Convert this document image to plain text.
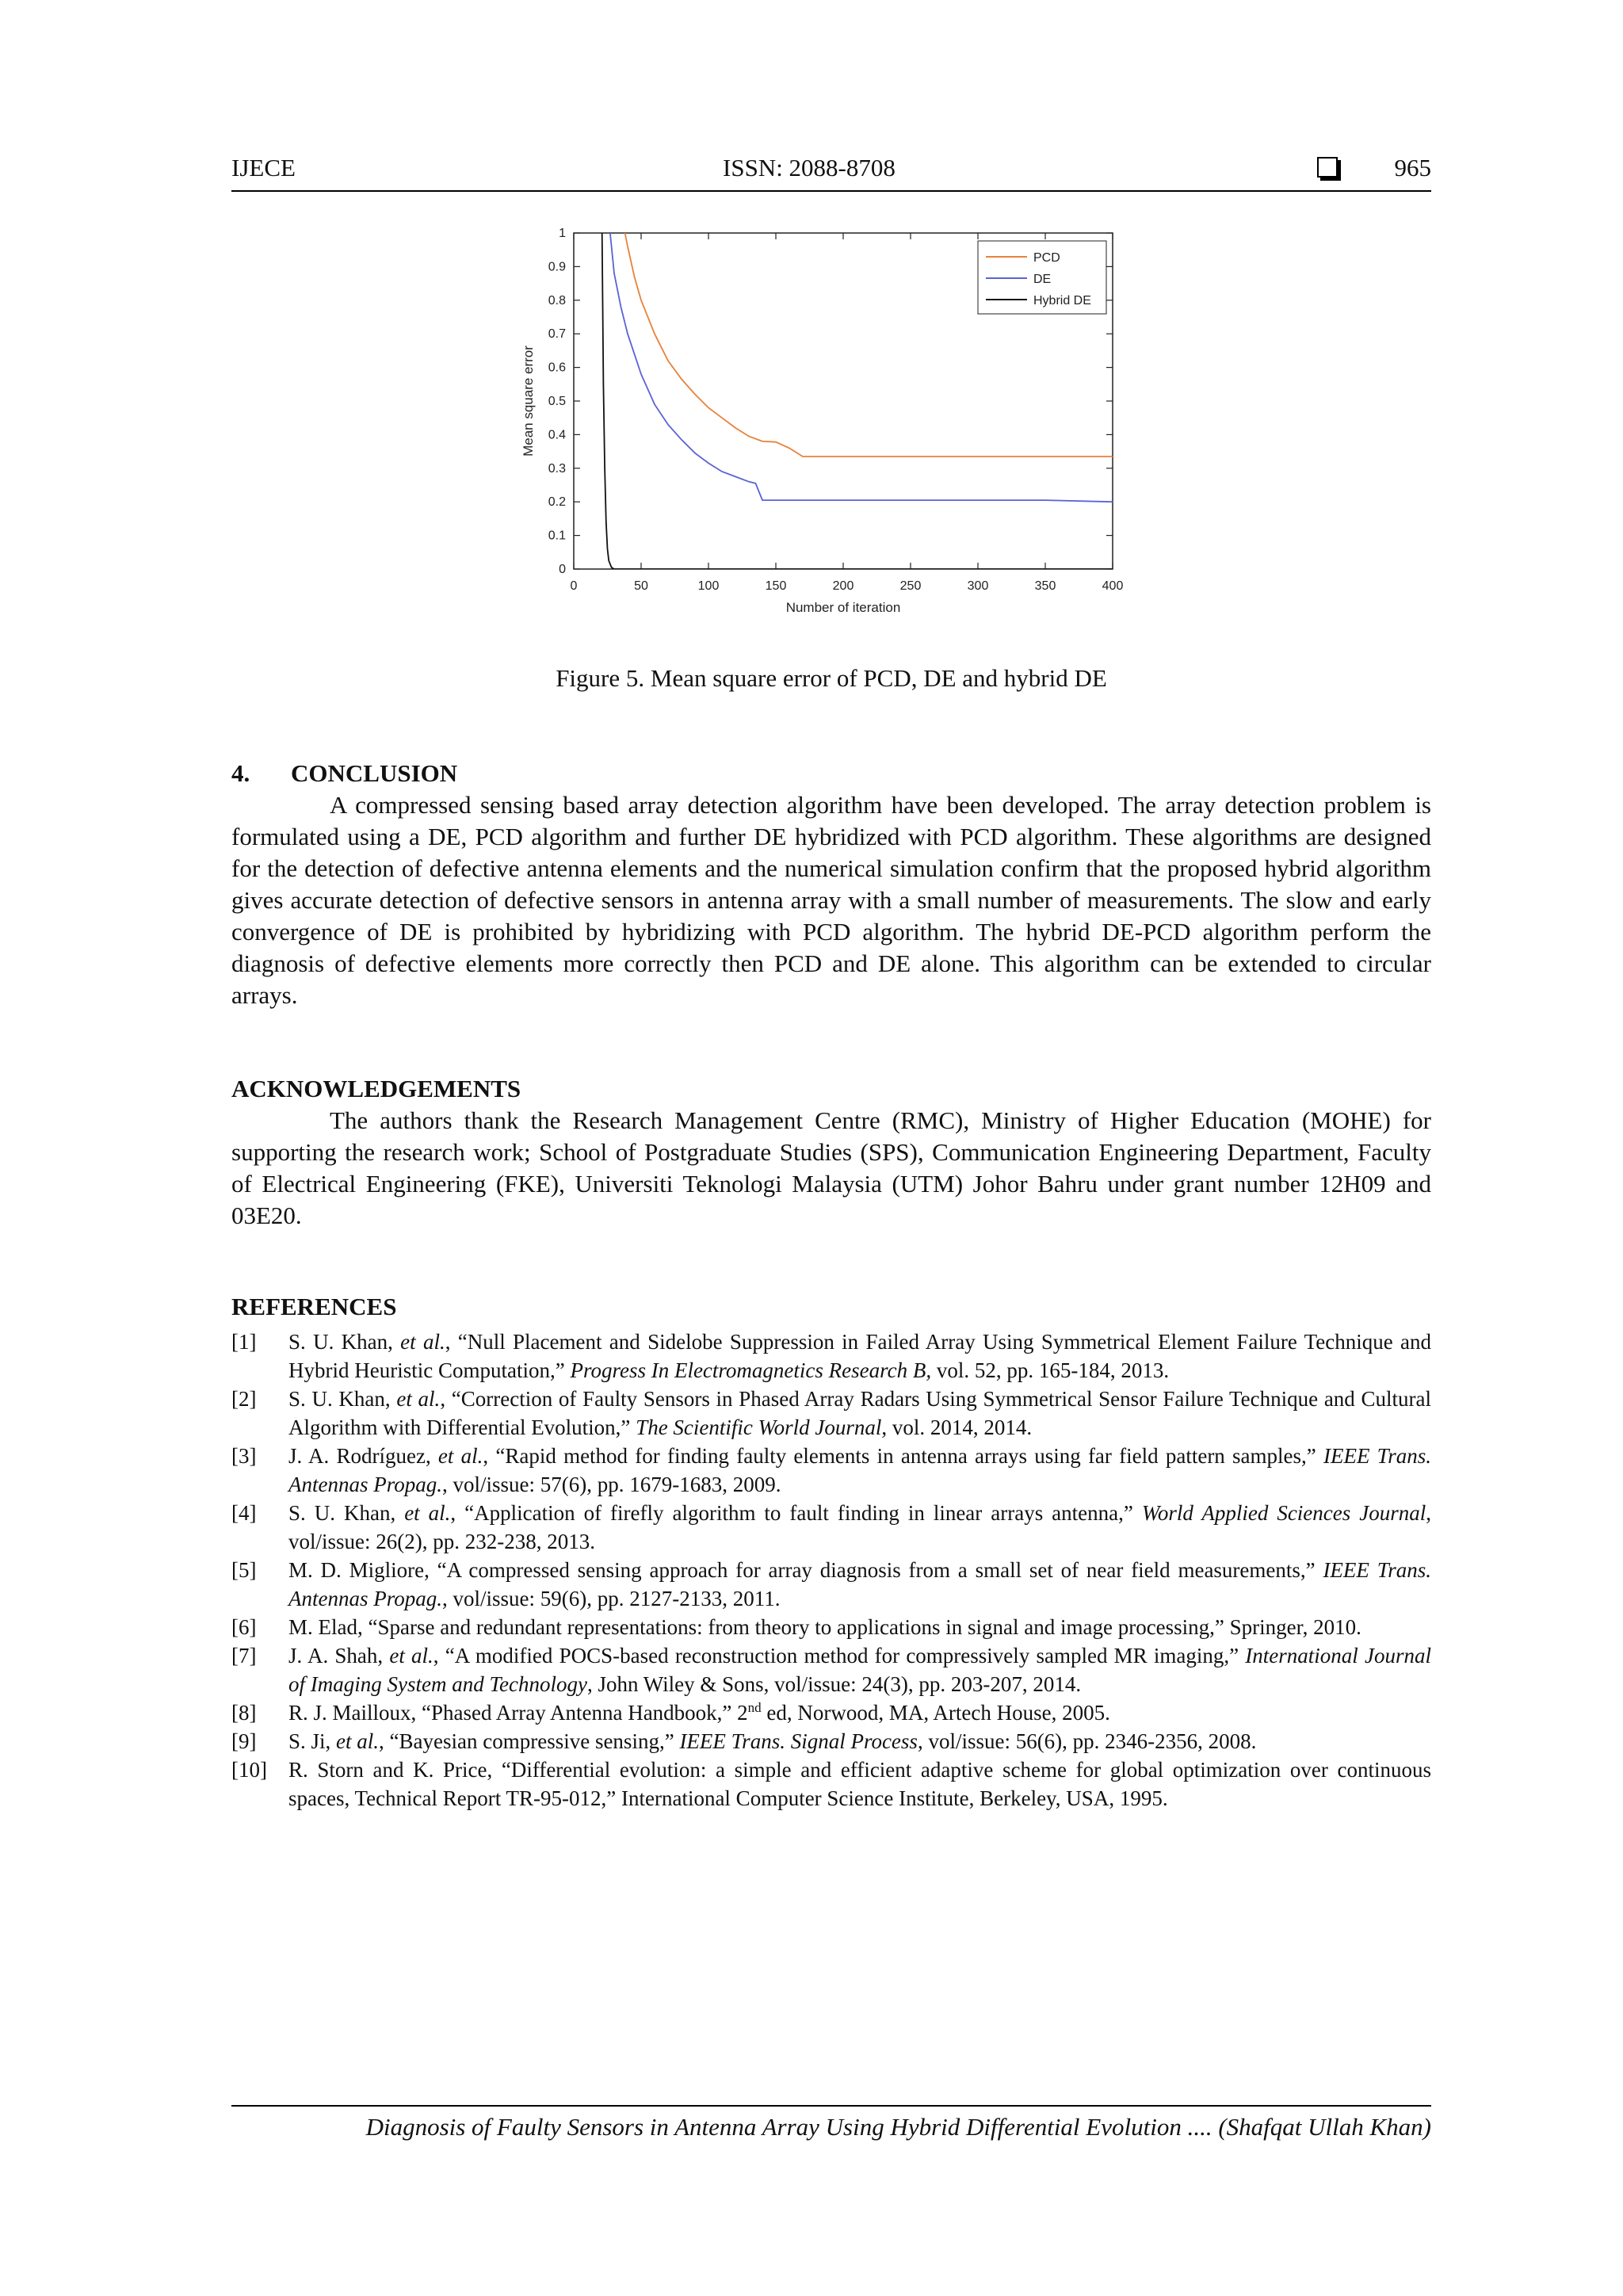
IJECE	ISSN: 2088-8708	965
0	50	100	150	200	250	300	350	400
0
0.1
0.2
0.3
0.4
0.5
0.6
0.7
0.8
0.9
1
Number of iteration
Mean square error
PCD
DE
Hybrid DE
Figure 5. Mean square error of PCD, DE and hybrid DE
4. CONCLUSION

A compressed sensing based array detection algorithm have been developed. The array detection problem is formulated using a DE, PCD algorithm and further DE hybridized with PCD algorithm. These algorithms are designed for the detection of defective antenna elements and the numerical simulation confirm that the proposed hybrid algorithm gives accurate detection of defective sensors in antenna array with a small number of measurements. The slow and early convergence of DE is prohibited by hybridizing with PCD algorithm. The hybrid DE-PCD algorithm perform the diagnosis of defective elements more correctly then PCD and DE alone. This algorithm can be extended to circular arrays.

ACKNOWLEDGEMENTS

The authors thank the Research Management Centre (RMC), Ministry of Higher Education (MOHE) for supporting the research work; School of Postgraduate Studies (SPS), Communication Engineering Department, Faculty of Electrical Engineering (FKE), Universiti Teknologi Malaysia (UTM) Johor Bahru under grant number 12H09 and 03E20.

REFERENCES
[1] S. U. Khan, et al., “Null Placement and Sidelobe Suppression in Failed Array Using Symmetrical Element Failure Technique and Hybrid Heuristic Computation,” Progress In Electromagnetics Research B, vol. 52, pp. 165-184, 2013.
[2] S. U. Khan, et al., “Correction of Faulty Sensors in Phased Array Radars Using Symmetrical Sensor Failure Technique and Cultural Algorithm with Differential Evolution,” The Scientific World Journal, vol. 2014, 2014.
[3] J. A. Rodríguez, et al., “Rapid method for finding faulty elements in antenna arrays using far field pattern samples,” IEEE Trans. Antennas Propag., vol/issue: 57(6), pp. 1679-1683, 2009.
[4] S. U. Khan, et al., “Application of firefly algorithm to fault finding in linear arrays antenna,” World Applied Sciences Journal, vol/issue: 26(2), pp. 232-238, 2013.
[5] M. D. Migliore, “A compressed sensing approach for array diagnosis from a small set of near field measurements,” IEEE Trans. Antennas Propag., vol/issue: 59(6), pp. 2127-2133, 2011.
[6] M. Elad, “Sparse and redundant representations: from theory to applications in signal and image processing,” Springer, 2010.
[7] J. A. Shah, et al., “A modified POCS-based reconstruction method for compressively sampled MR imaging,” International Journal of Imaging System and Technology, John Wiley & Sons, vol/issue: 24(3), pp. 203-207, 2014.
[8] R. J. Mailloux, “Phased Array Antenna Handbook,” 2nd ed, Norwood, MA, Artech House, 2005.
[9] S. Ji, et al., “Bayesian compressive sensing,” IEEE Trans. Signal Process, vol/issue: 56(6), pp. 2346-2356, 2008.
[10] R. Storn and K. Price, “Differential evolution: a simple and efficient adaptive scheme for global optimization over continuous spaces, Technical Report TR-95-012,” International Computer Science Institute, Berkeley, USA, 1995.
Diagnosis of Faulty Sensors in Antenna Array Using Hybrid Differential Evolution .... (Shafqat Ullah Khan)
